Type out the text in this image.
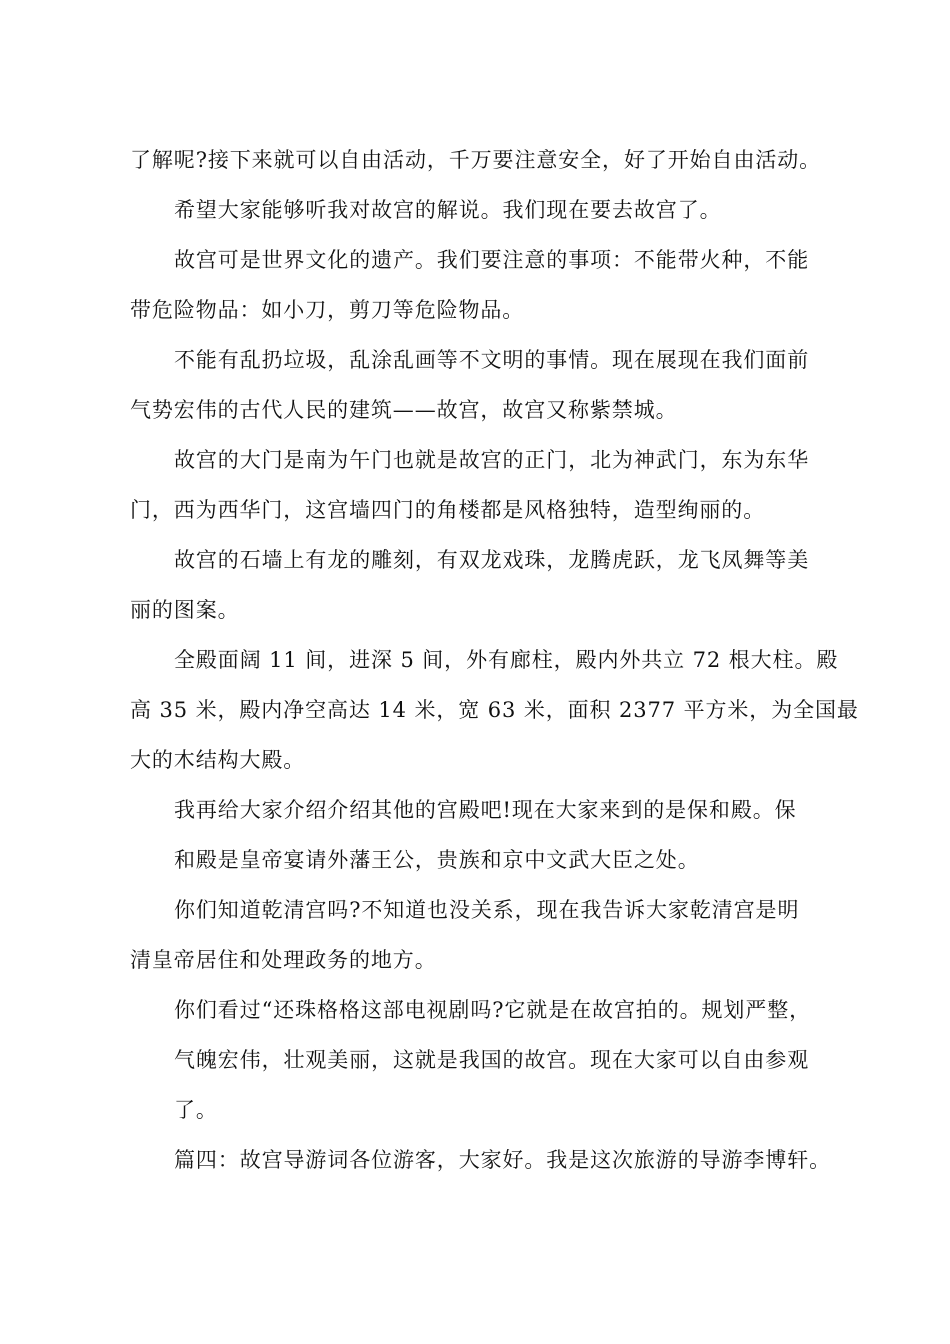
了解呢?接下来就可以自由活动，千万要注意安全，好了开始自由活动。
希望大家能够听我对故宫的解说。我们现在要去故宫了。
故宫可是世界文化的遗产。我们要注意的事项：不能带火种，不能
带危险物品：如小刀，剪刀等危险物品。
不能有乱扔垃圾，乱涂乱画等不文明的事情。现在展现在我们面前
气势宏伟的古代人民的建筑——故宫，故宫又称紫禁城。
故宫的大门是南为午门也就是故宫的正门，北为神武门，东为东华
门，西为西华门，这宫墙四门的角楼都是风格独特，造型绚丽的。
故宫的石墙上有龙的雕刻，有双龙戏珠，龙腾虎跃，龙飞凤舞等美
丽的图案。
全殿面阔 11 间，进深 5 间，外有廊柱，殿内外共立 72 根大柱。殿
高 35 米，殿内净空高达 14 米，宽 63 米，面积 2377 平方米，为全国最
大的木结构大殿。
我再给大家介绍介绍其他的宫殿吧!现在大家来到的是保和殿。保
和殿是皇帝宴请外藩王公，贵族和京中文武大臣之处。
你们知道乾清宫吗?不知道也没关系，现在我告诉大家乾清宫是明
清皇帝居住和处理政务的地方。
你们看过“还珠格格这部电视剧吗?它就是在故宫拍的。规划严整，
气魄宏伟，壮观美丽，这就是我国的故宫。现在大家可以自由参观
了。
篇四：故宫导游词各位游客，大家好。我是这次旅游的导游李博轩。
